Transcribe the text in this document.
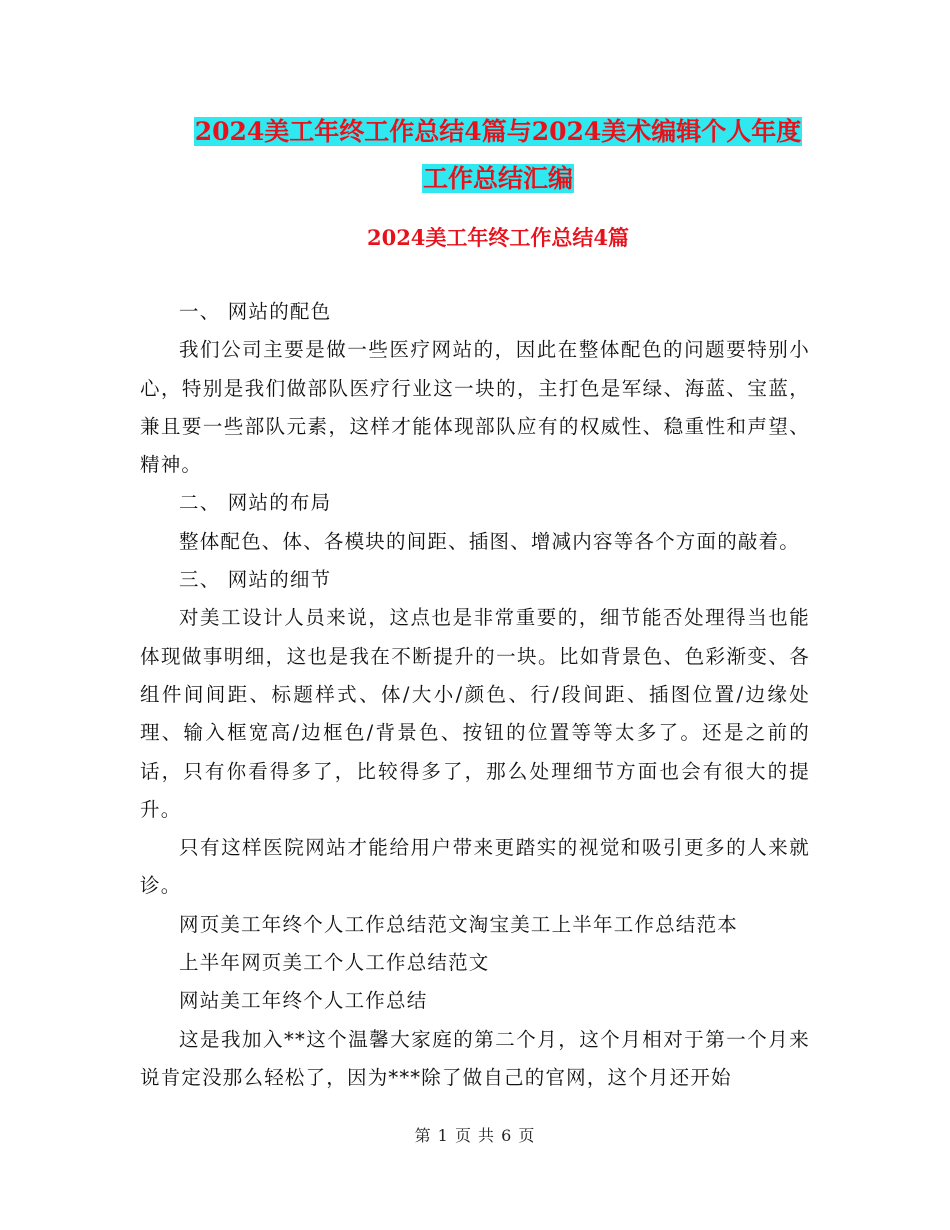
2024美工年终工作总结4篇与2024美术编辑个人年度
工作总结汇编
2024美工年终工作总结4篇

一、 网站的配色

我们公司主要是做一些医疗网站的，因此在整体配色的问题要特别小心，特别是我们做部队医疗行业这一块的，主打色是军绿、海蓝、宝蓝，兼且要一些部队元素，这样才能体现部队应有的权威性、稳重性和声望、精神。

二、 网站的布局

整体配色、体、各模块的间距、插图、增减内容等各个方面的敲着。

三、 网站的细节

对美工设计人员来说，这点也是非常重要的，细节能否处理得当也能体现做事明细，这也是我在不断提升的一块。比如背景色、色彩渐变、各组件间间距、标题样式、体/大小/颜色、行/段间距、插图位置/边缘处理、输入框宽高/边框色/背景色、按钮的位置等等太多了。还是之前的话，只有你看得多了，比较得多了，那么处理细节方面也会有很大的提升。

只有这样医院网站才能给用户带来更踏实的视觉和吸引更多的人来就诊。

网页美工年终个人工作总结范文淘宝美工上半年工作总结范本

上半年网页美工个人工作总结范文

网站美工年终个人工作总结

这是我加入**这个温馨大家庭的第二个月，这个月相对于第一个月来说肯定没那么轻松了，因为***除了做自己的官网，这个月还开始

第 1 页 共 6 页
